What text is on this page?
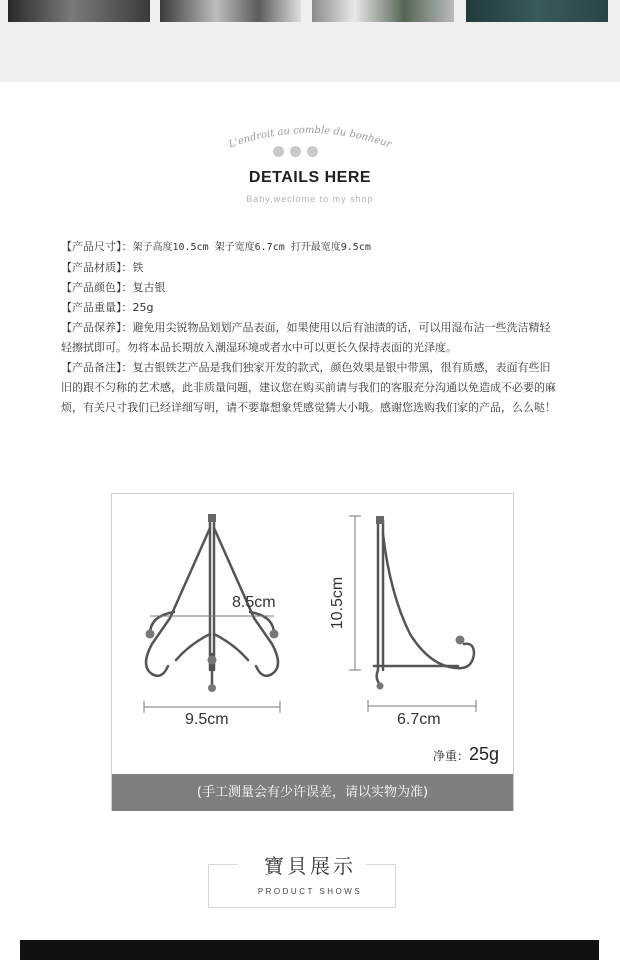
L'endroit au comble du bonheur
DETAILS HERE
Baby,weclome to my shop

【产品尺寸】：架子高度10.5cm 架子宽度6.7cm 打开最宽度9.5cm

【产品材质】：铁

【产品颜色】：复古银

【产品重量】：25g

【产品保养】：避免用尖锐物品划划产品表面，如果使用以后有油渍的话，可以用湿布沾一些洗洁精轻轻擦拭即可。勿将本品长期放入潮湿环境或者水中可以更长久保持表面的光泽度。

【产品备注】：复古银铁艺产品是我们独家开发的款式，颜色效果是银中带黑，很有质感，表面有些旧旧的跟不匀称的艺术感，此非质量问题，建议您在购买前请与我们的客服充分沟通以免造成不必要的麻烦，有关尺寸我们已经详细写明，请不要靠想象凭感觉猜大小哦。感谢您选购我们家的产品，么么哒！

8.5cm
9.5cm
10.5cm
6.7cm
净重：25g
(手工测量会有少许误差，请以实物为准)
寶貝展示
PRODUCT SHOWS
